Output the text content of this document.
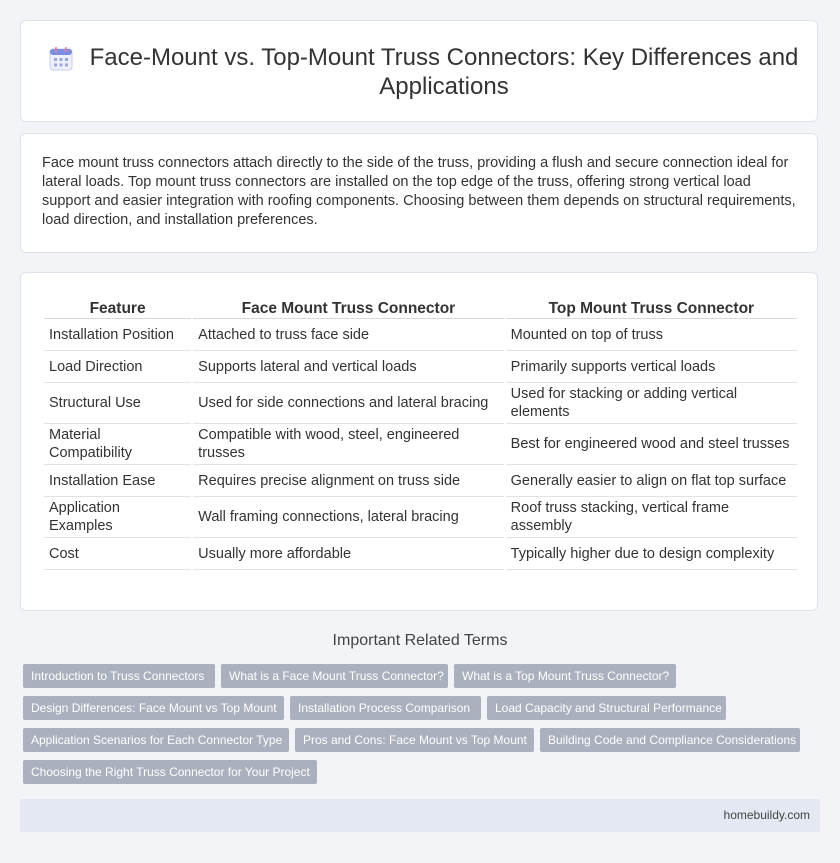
Face-Mount vs. Top-Mount Truss Connectors: Key Differences and Applications

Face mount truss connectors attach directly to the side of the truss, providing a flush and secure connection ideal for lateral loads. Top mount truss connectors are installed on the top edge of the truss, offering strong vertical load support and easier integration with roofing components. Choosing between them depends on structural requirements, load direction, and installation preferences.

Feature	Face Mount Truss Connector	Top Mount Truss Connector
Installation Position	Attached to truss face side	Mounted on top of truss
Load Direction	Supports lateral and vertical loads	Primarily supports vertical loads
Structural Use	Used for side connections and lateral bracing	Used for stacking or adding vertical elements
Material Compatibility	Compatible with wood, steel, engineered trusses	Best for engineered wood and steel trusses
Installation Ease	Requires precise alignment on truss side	Generally easier to align on flat top surface
Application Examples	Wall framing connections, lateral bracing	Roof truss stacking, vertical frame assembly
Cost	Usually more affordable	Typically higher due to design complexity
Important Related Terms
Introduction to Truss Connectors	What is a Face Mount Truss Connector?	What is a Top Mount Truss Connector?
Design Differences: Face Mount vs Top Mount	Installation Process Comparison	Load Capacity and Structural Performance
Application Scenarios for Each Connector Type	Pros and Cons: Face Mount vs Top Mount	Building Code and Compliance Considerations
Choosing the Right Truss Connector for Your Project
homebuildy.com
